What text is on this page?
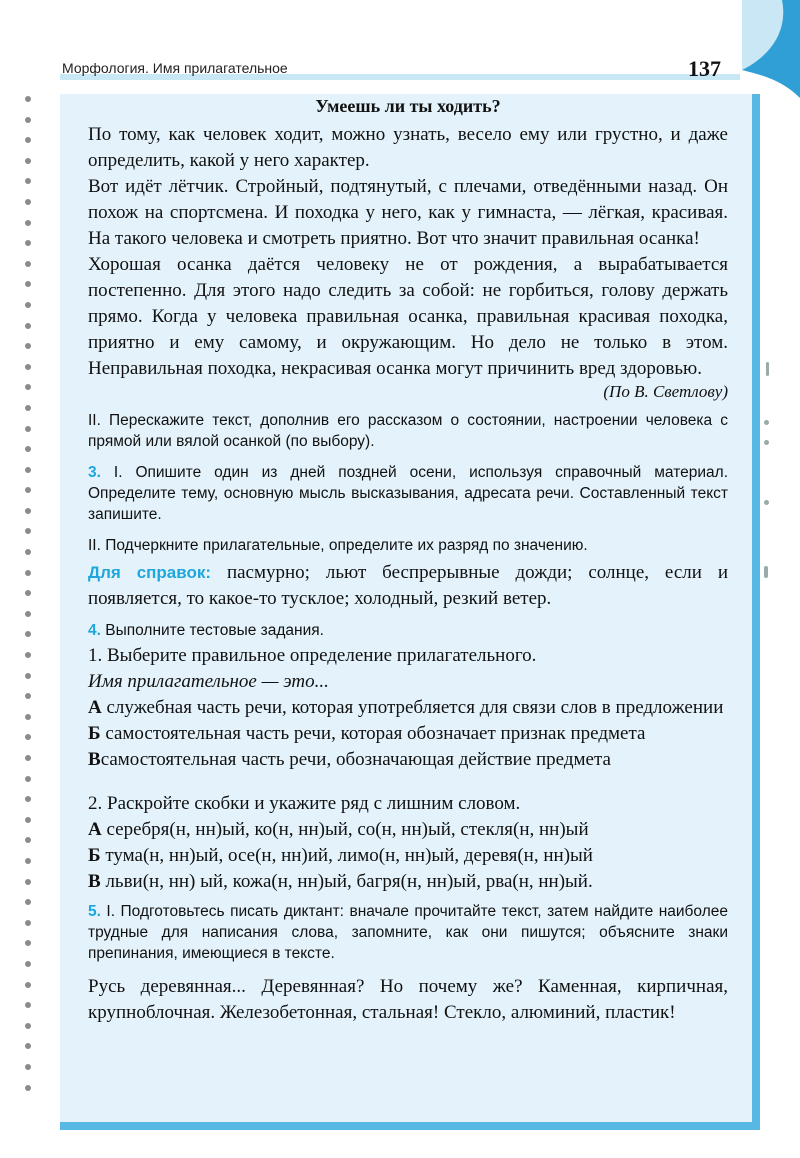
Морфология. Имя прилагательное	137
Умеешь ли ты ходить?

По тому, как человек ходит, можно узнать, весело ему или грустно, и даже определить, какой у него характер.

Вот идёт лётчик. Стройный, подтянутый, с плечами, отведёнными назад. Он похож на спортсмена. И походка у него, как у гимнаста, — лёгкая, красивая. На такого человека и смотреть приятно. Вот что значит правильная осанка!

Хорошая осанка даётся человеку не от рождения, а вырабатывается постепенно. Для этого надо следить за собой: не горбиться, голову держать прямо. Когда у человека правильная осанка, правильная красивая походка, приятно и ему самому, и окружающим. Но дело не только в этом. Неправильная походка, некрасивая осанка могут причинить вред здоровью.

(По В. Светлову)
II. Перескажите текст, дополнив его рассказом о состоянии, настроении человека с прямой или вялой осанкой (по выбору).
3. I. Опишите один из дней поздней осени, используя справочный материал. Определите тему, основную мысль высказывания, адресата речи. Составленный текст запишите.
II. Подчеркните прилагательные, определите их разряд по значению.

Для справок: пасмурно; льют беспрерывные дожди; солнце, если и появляется, то какое-то тусклое; холодный, резкий ветер.

4. Выполните тестовые задания.

1. Выберите правильное определение прилагательного.

Имя прилагательное — это...

А служебная часть речи, которая употребляется для связи слов в предложении

Б самостоятельная часть речи, которая обозначает признак предмета

Всамостоятельная часть речи, обозначающая действие предмета

2. Раскройте скобки и укажите ряд с лишним словом.

А серебря(н, нн)ый, ко(н, нн)ый, со(н, нн)ый, стекля(н, нн)ый

Б тума(н, нн)ый, осе(н, нн)ий, лимо(н, нн)ый, деревя(н, нн)ый

В льви(н, нн) ый, кожа(н, нн)ый, багря(н, нн)ый, рва(н, нн)ый.

5. I. Подготовьтесь писать диктант: вначале прочитайте текст, затем найдите наиболее трудные для написания слова, запомните, как они пишутся; объясните знаки препинания, имеющиеся в тексте.

Русь деревянная... Деревянная? Но почему же? Каменная, кирпичная, крупноблочная. Железобетонная, стальная! Стекло, алюминий, пластик!
